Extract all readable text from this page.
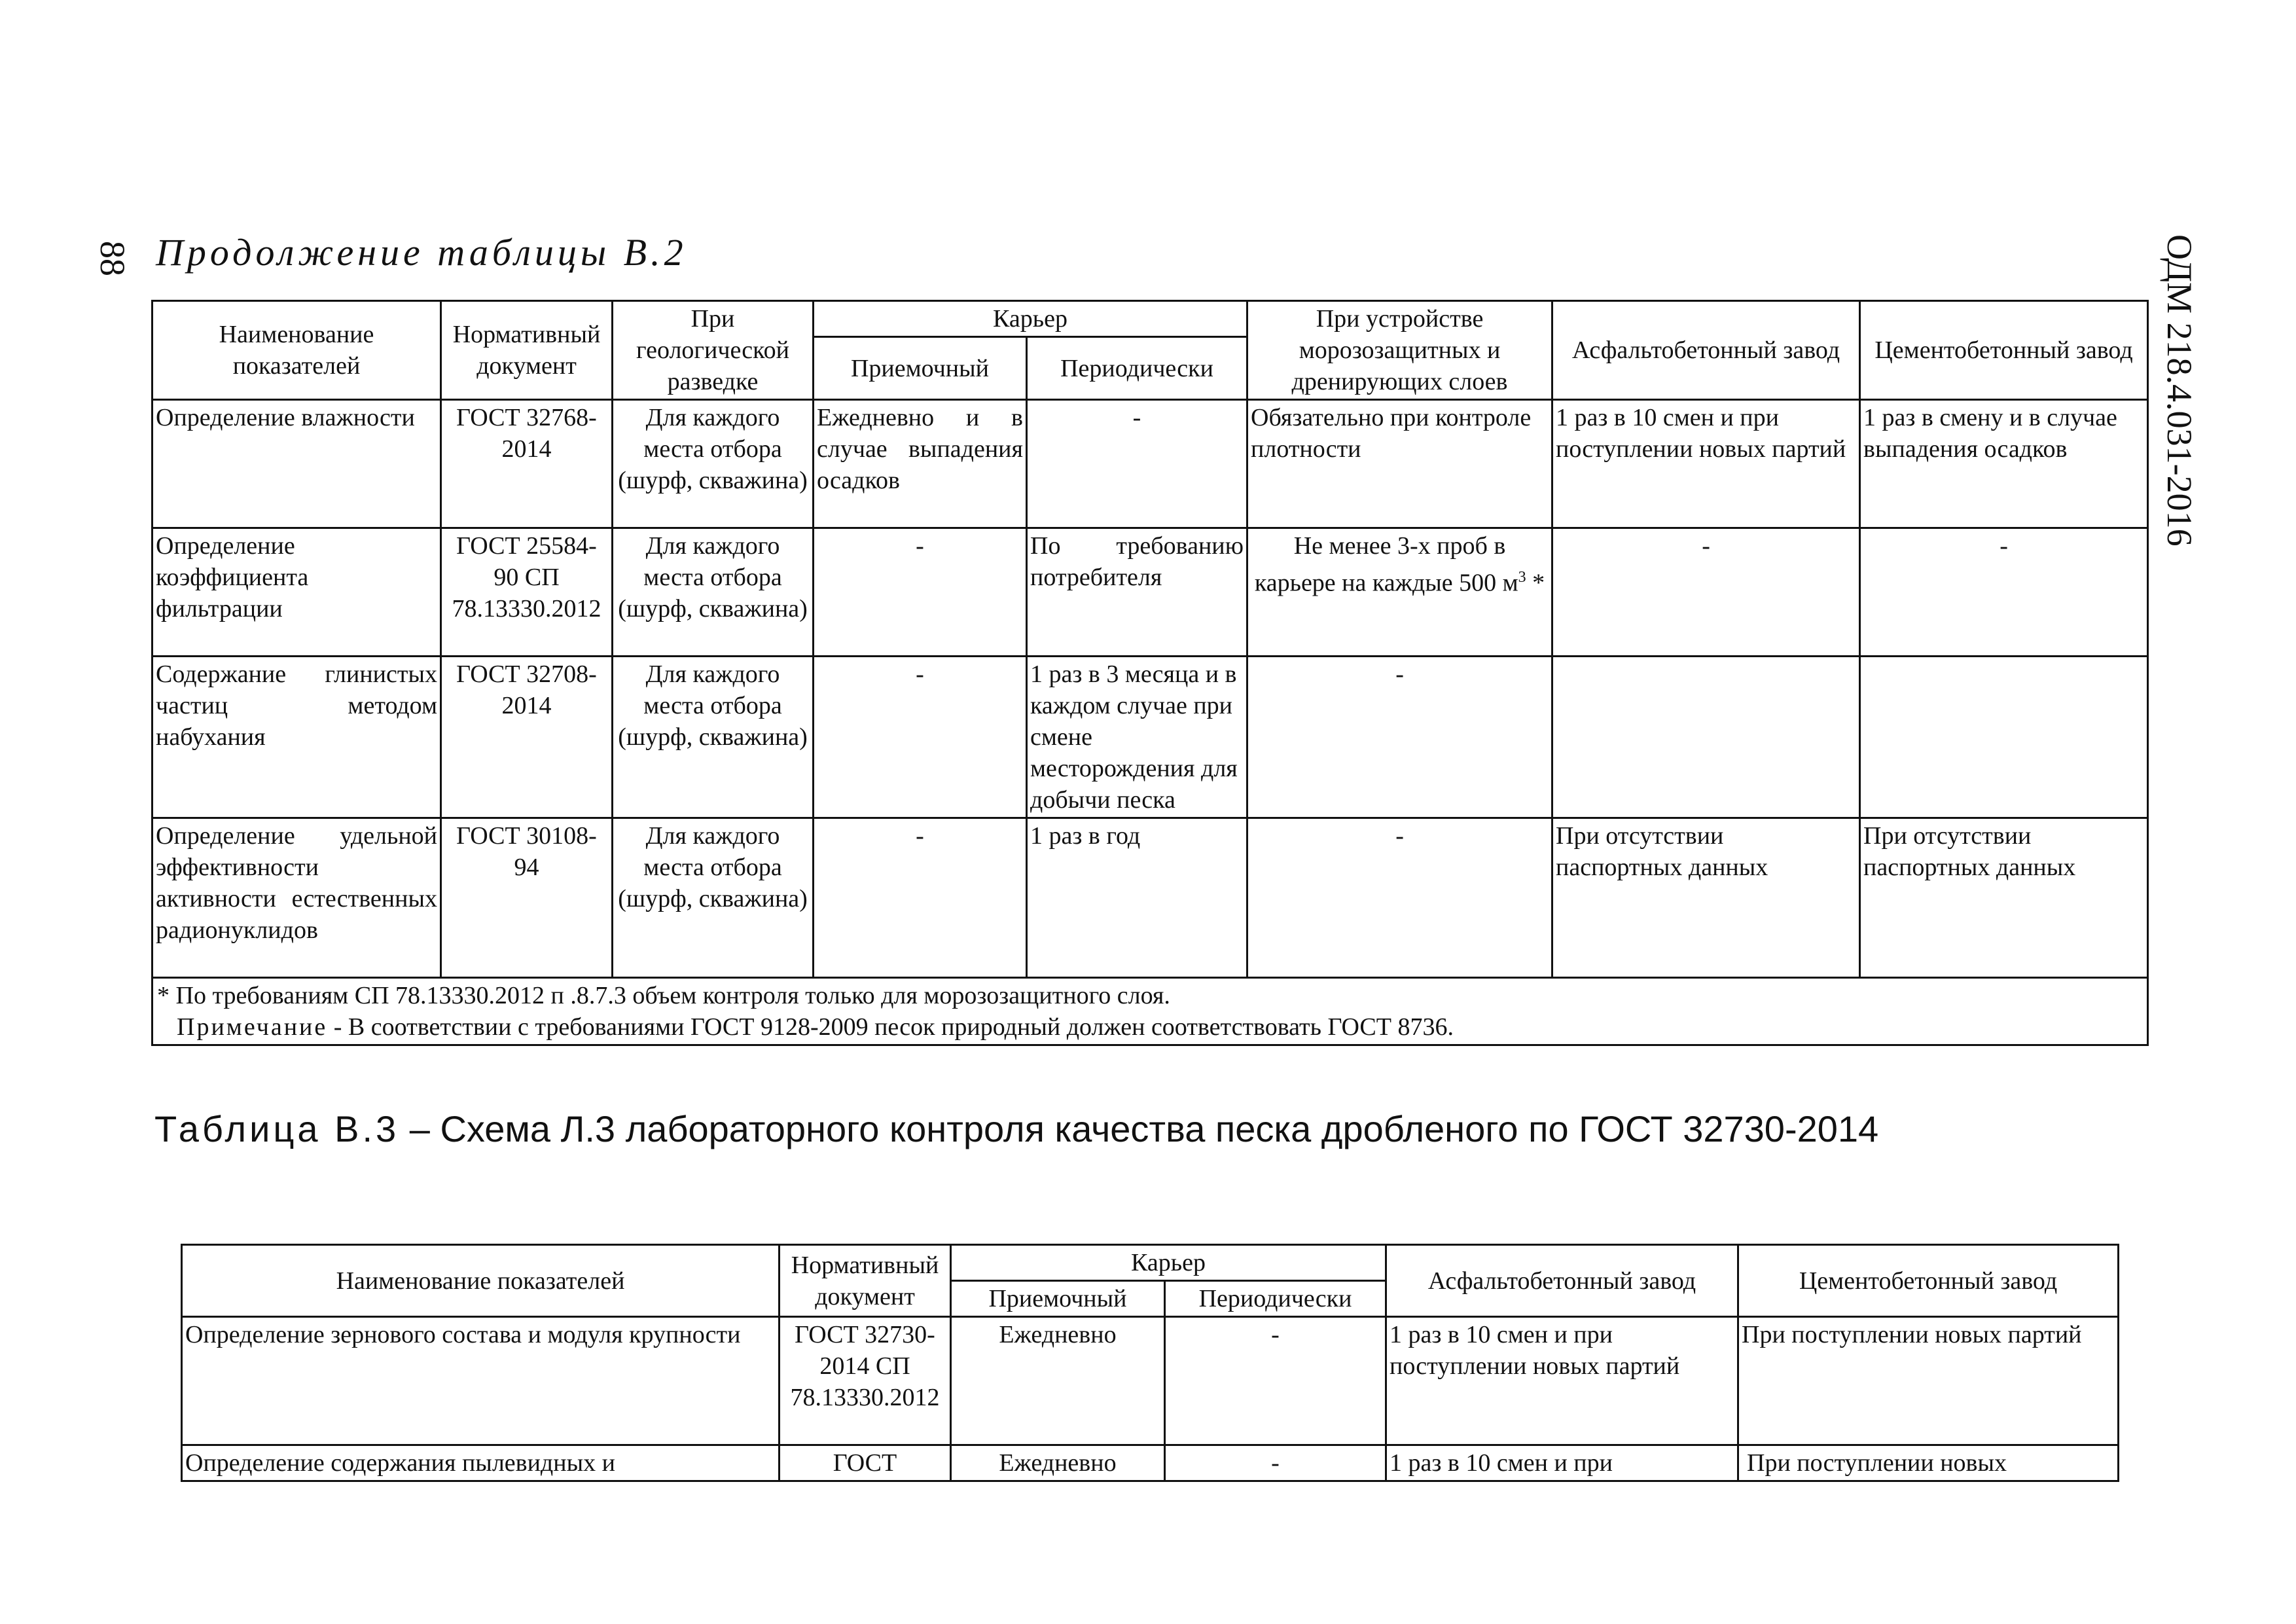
88 Продолжение таблицы В.2	ОДМ 218.4.031-2016
Наименование показателей	Нормативный документ	При геологической разведке	Карьер		При устройстве морозозащитных и дренирующих слоев	Асфальтобетонный завод	Цементобетонный завод
			Приемочный	Периодически			
Определение влажности	ГОСТ 32768-2014	Для каждого места отбора (шурф, скважина)	Ежедневно и в случае выпадения осадков	-	Обязательно при контроле плотности	1 раз в 10 смен и при поступлении новых партий	1 раз в смену и в случае выпадения осадков
Определение коэффициента фильтрации	ГОСТ 25584-90 СП 78.13330.2012	Для каждого места отбора (шурф, скважина)	-	По требованию потребителя	Не менее 3-х проб в карьере на каждые 500 $м^3$ *	-	-
Содержание глинистых частиц методом набухания	ГОСТ 32708-2014	Для каждого места отбора (шурф, скважина)	-	1 раз в 3 месяца и в каждом случае при смене месторождения для добычи песка	-		
Определение удельной эффективности активности естественных радионуклидов	ГОСТ 30108-94	Для каждого места отбора (шурф, скважина)	-	1 раз в год	-	При отсутствии паспортных данных	При отсутствии паспортных данных

* По требованиям СП 78.13330.2012 п .8.7.3 объем контроля только для морозозащитного слоя.
Примечание - В соответствии с требованиями ГОСТ 9128-2009 песок природный должен соответствовать ГОСТ 8736.							
Таблица В.3 – Схема Л.3 лабораторного контроля качества песка дробленого по ГОСТ 32730-2014
Наименование показателей	Нормативный документ	Карьер		Асфальтобетонный завод	Цементобетонный завод
		Приемочный	Периодически		
Определение зернового состава и модуля крупности	ГОСТ 32730-2014 СП 78.13330.2012	Ежедневно	-	1 раз в 10 смен и при поступлении новых партий	При поступлении новых партий
Определение содержания пылевидных и	ГОСТ	Ежедневно	-	1 раз в 10 смен и при	При поступлении новых
